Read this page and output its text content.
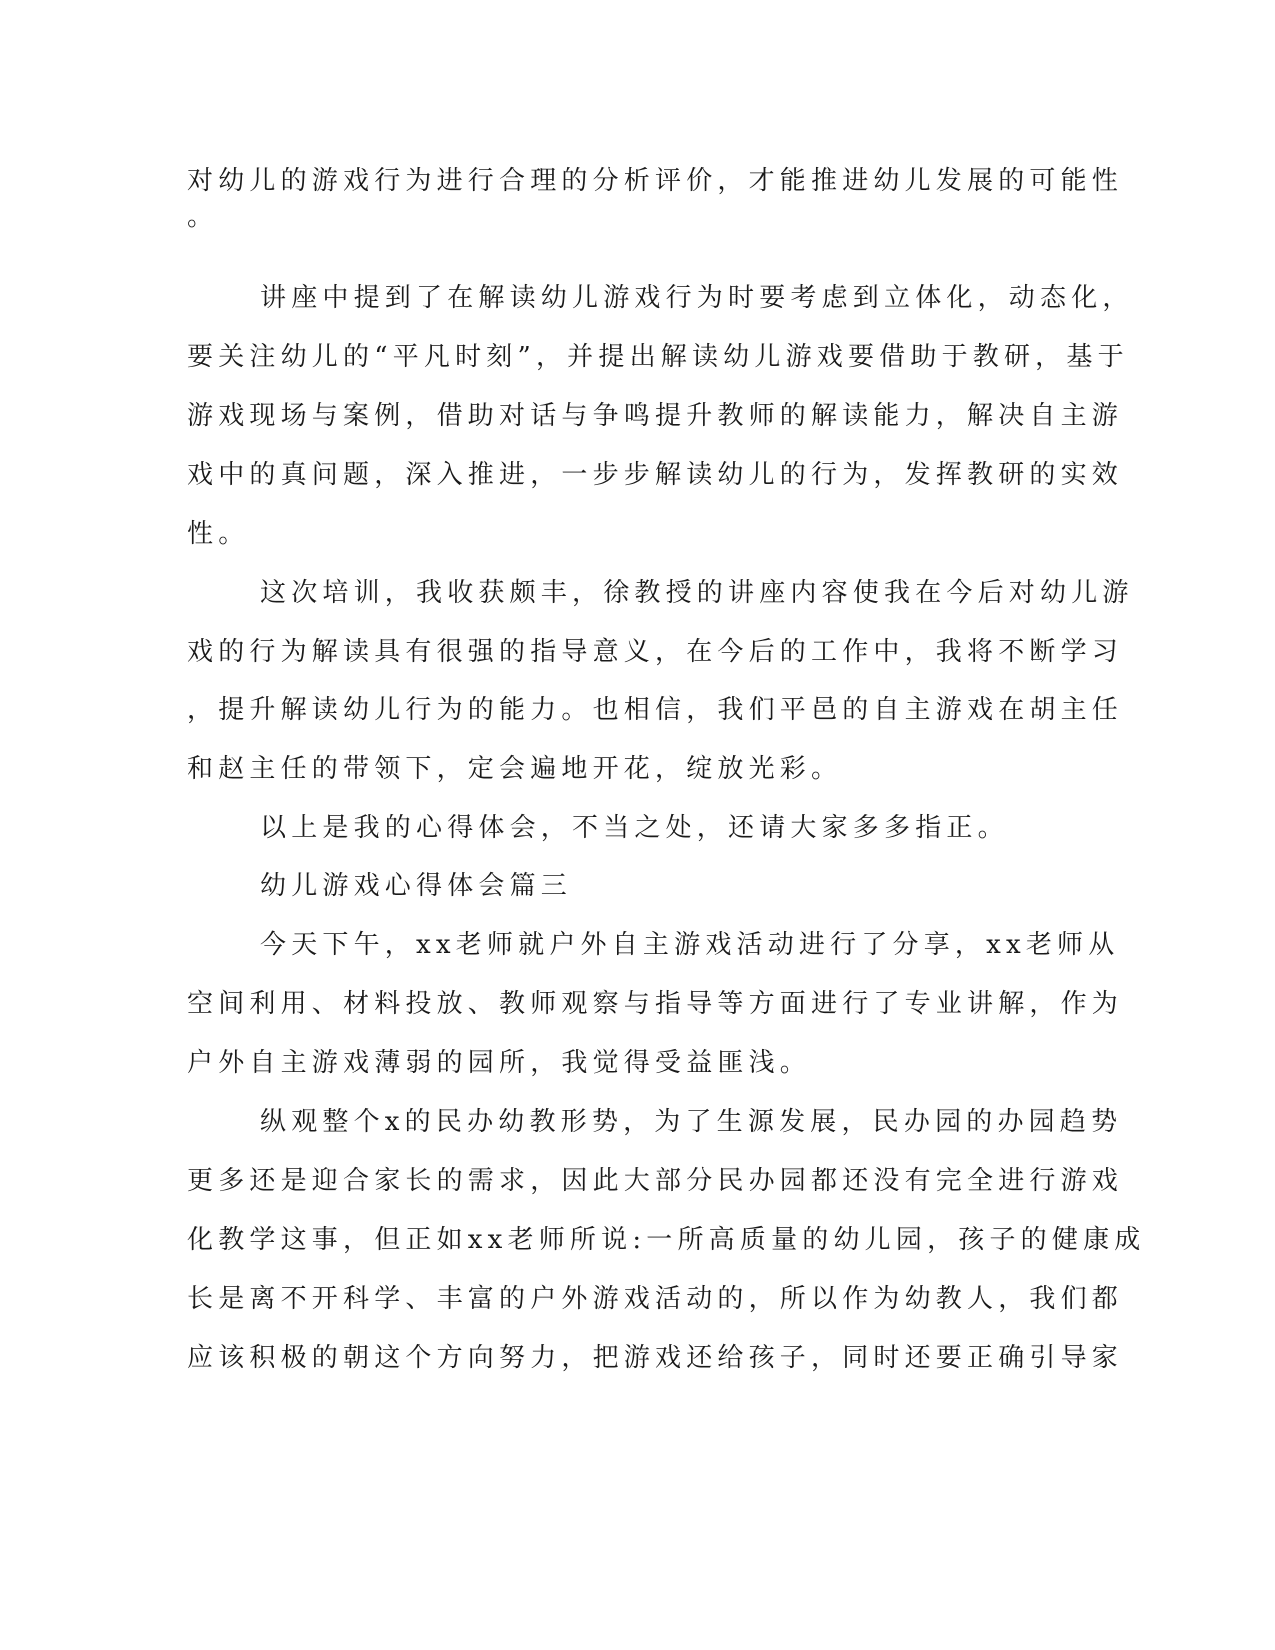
对幼儿的游戏行为进行合理的分析评价，才能推进幼儿发展的可能性
。
讲座中提到了在解读幼儿游戏行为时要考虑到立体化，动态化，
要关注幼儿的“平凡时刻”，并提出解读幼儿游戏要借助于教研，基于
游戏现场与案例，借助对话与争鸣提升教师的解读能力，解决自主游
戏中的真问题，深入推进，一步步解读幼儿的行为，发挥教研的实效
性。
这次培训，我收获颇丰，徐教授的讲座内容使我在今后对幼儿游
戏的行为解读具有很强的指导意义，在今后的工作中，我将不断学习
，提升解读幼儿行为的能力。也相信，我们平邑的自主游戏在胡主任
和赵主任的带领下，定会遍地开花，绽放光彩。
以上是我的心得体会，不当之处，还请大家多多指正。
幼儿游戏心得体会篇三
今天下午，xx老师就户外自主游戏活动进行了分享，xx老师从
空间利用、材料投放、教师观察与指导等方面进行了专业讲解，作为
户外自主游戏薄弱的园所，我觉得受益匪浅。
纵观整个x的民办幼教形势，为了生源发展，民办园的办园趋势
更多还是迎合家长的需求，因此大部分民办园都还没有完全进行游戏
化教学这事，但正如xx老师所说:一所高质量的幼儿园，孩子的健康成
长是离不开科学、丰富的户外游戏活动的，所以作为幼教人，我们都
应该积极的朝这个方向努力，把游戏还给孩子，同时还要正确引导家
